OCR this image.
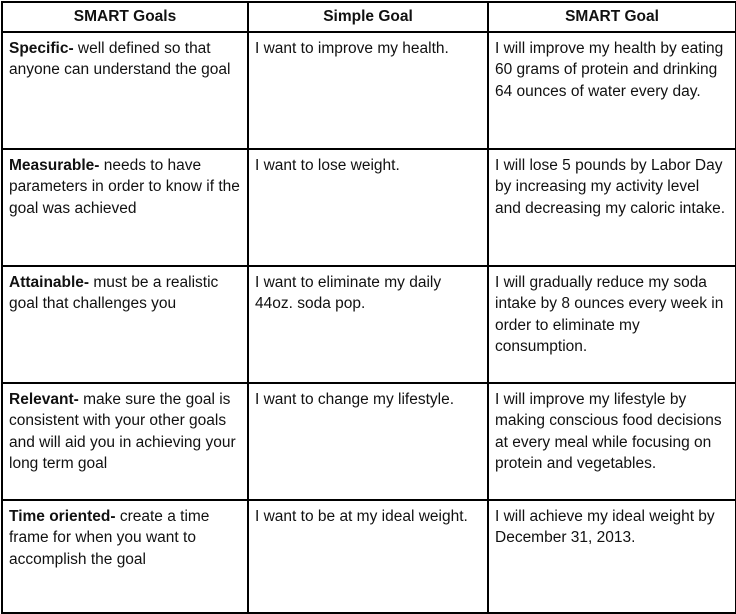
SMART Goals	Simple Goal	SMART Goal
Specific- well defined so that anyone can understand the goal	I want to improve my health.	I will improve my health by eating 60 grams of protein and drinking 64 ounces of water every day.
Measurable- needs to have parameters in order to know if the goal was achieved	I want to lose weight.	I will lose 5 pounds by Labor Day by increasing my activity level and decreasing my caloric intake.
Attainable- must be a realistic goal that challenges you	I want to eliminate my daily 44oz. soda pop.	I will gradually reduce my soda intake by 8 ounces every week in order to eliminate my consumption.
Relevant- make sure the goal is consistent with your other goals and will aid you in achieving your long term goal	I want to change my lifestyle.	I will improve my lifestyle by making conscious food decisions at every meal while focusing on protein and vegetables.
Time oriented- create a time frame for when you want to accomplish the goal	I want to be at my ideal weight.	I will achieve my ideal weight by December 31, 2013.
